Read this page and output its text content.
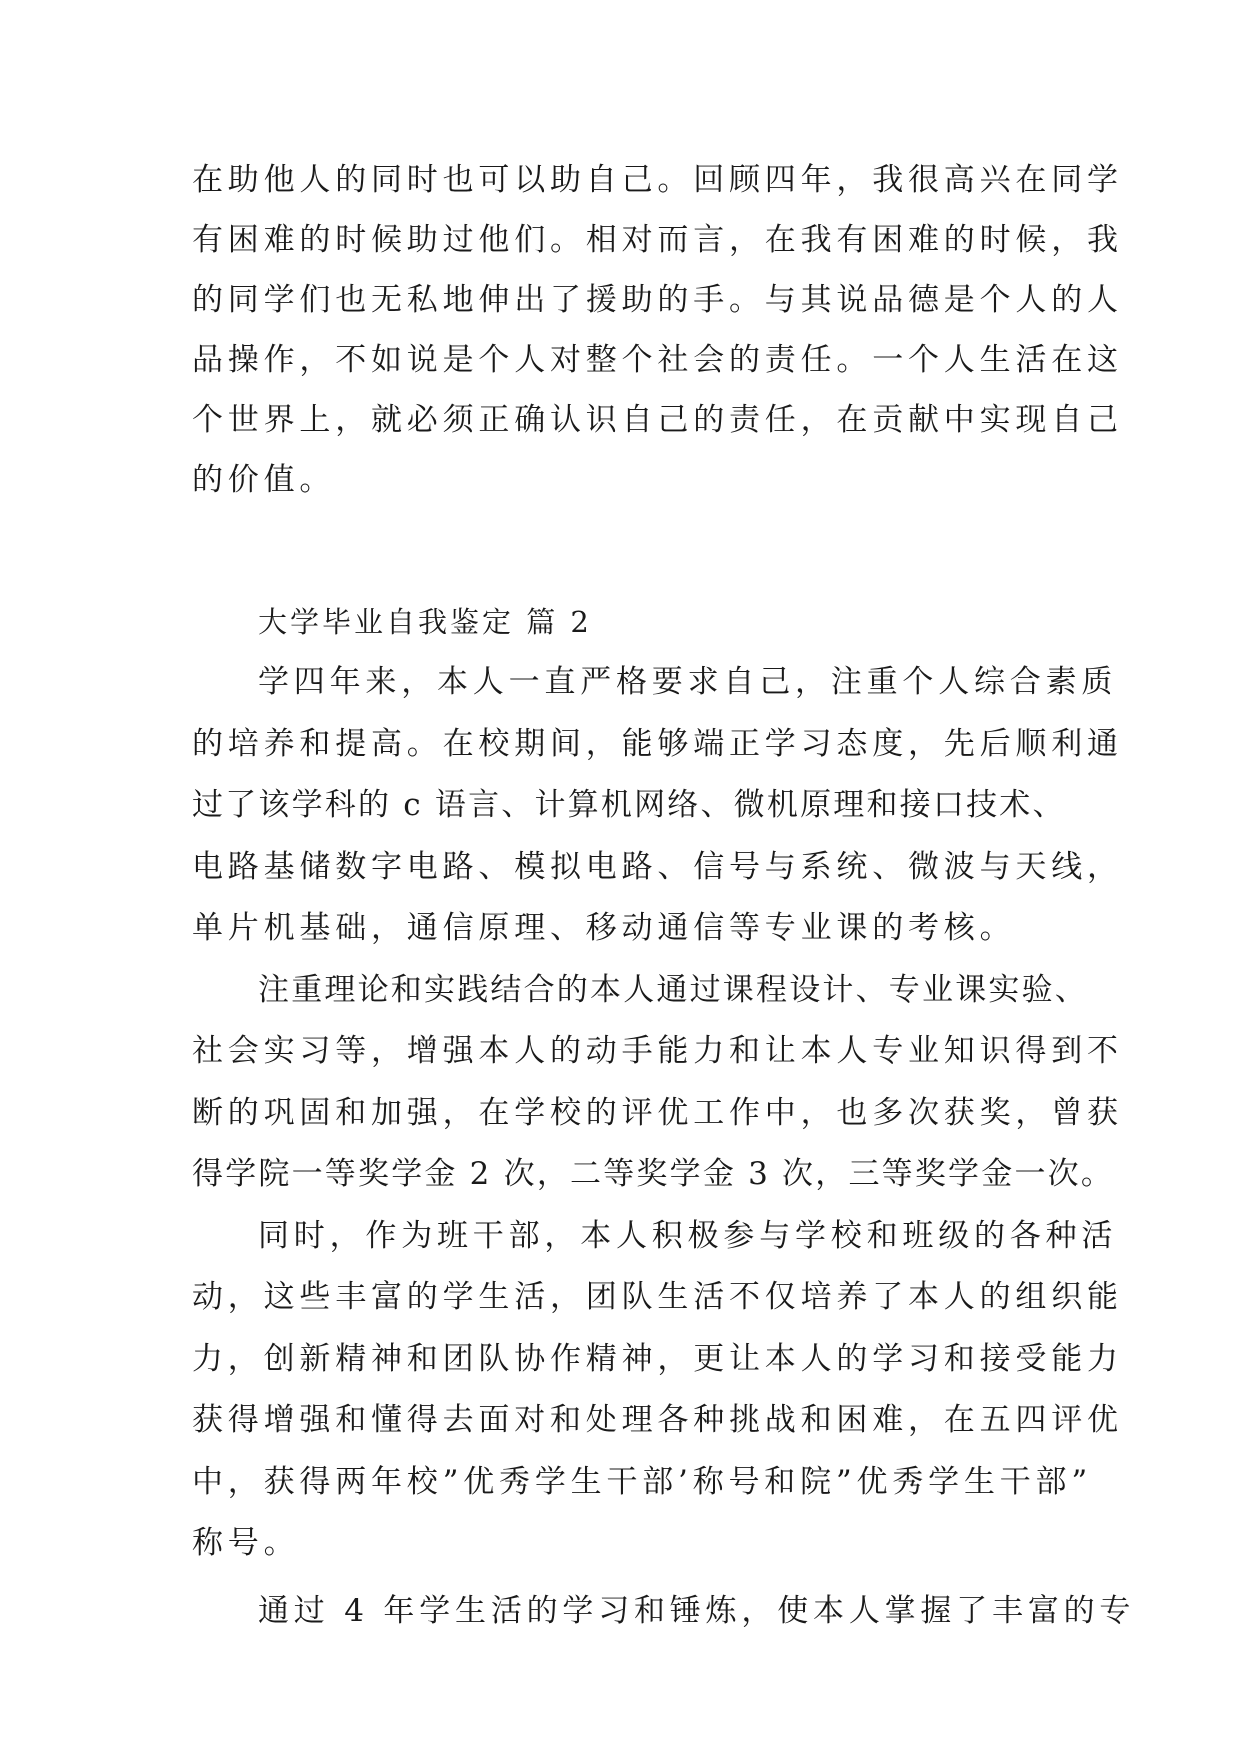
在助他人的同时也可以助自己。回顾四年，我很高兴在同学
有困难的时候助过他们。相对而言，在我有困难的时候，我
的同学们也无私地伸出了援助的手。与其说品德是个人的人
品操作，不如说是个人对整个社会的责任。一个人生活在这
个世界上，就必须正确认识自己的责任，在贡献中实现自己
的价值。
大学毕业自我鉴定 篇 2
学四年来，本人一直严格要求自己，注重个人综合素质
的培养和提高。在校期间，能够端正学习态度，先后顺利通
过了该学科的 c 语言、计算机网络、微机原理和接口技术、
电路基储数字电路、模拟电路、信号与系统、微波与天线，
单片机基础，通信原理、移动通信等专业课的考核。
注重理论和实践结合的本人通过课程设计、专业课实验、
社会实习等，增强本人的动手能力和让本人专业知识得到不
断的巩固和加强，在学校的评优工作中，也多次获奖，曾获
得学院一等奖学金 2 次，二等奖学金 3 次，三等奖学金一次。
同时，作为班干部，本人积极参与学校和班级的各种活
动，这些丰富的学生活，团队生活不仅培养了本人的组织能
力，创新精神和团队协作精神，更让本人的学习和接受能力
获得增强和懂得去面对和处理各种挑战和困难，在五四评优
中，获得两年校”优秀学生干部’称号和院”优秀学生干部”
称号。
通过 4 年学生活的学习和锤炼，使本人掌握了丰富的专
